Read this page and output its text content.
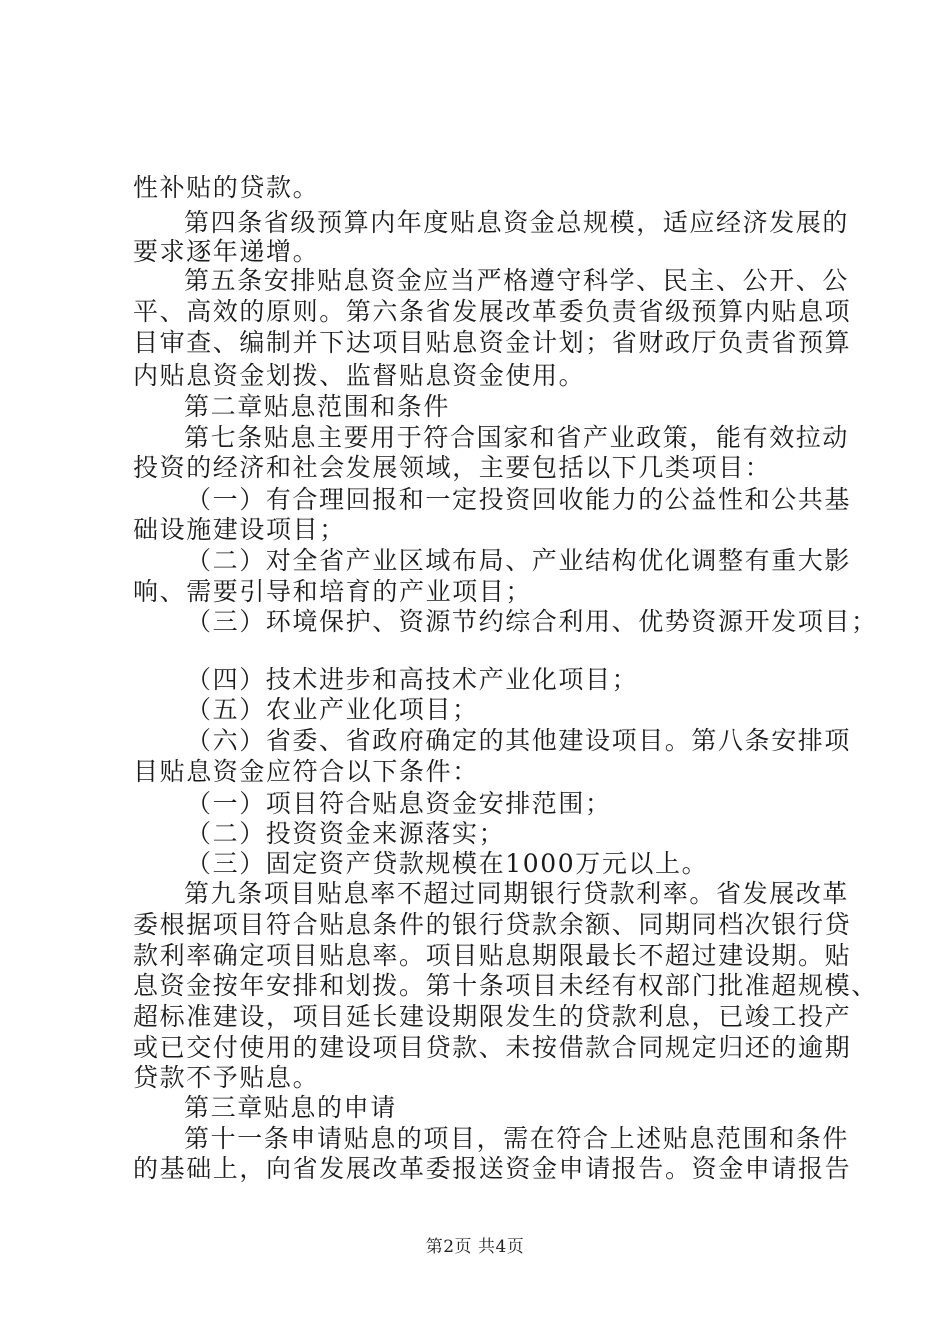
性补贴的贷款。
第四条省级预算内年度贴息资金总规模，适应经济发展的
要求逐年递增。
第五条安排贴息资金应当严格遵守科学、民主、公开、公
平、高效的原则。第六条省发展改革委负责省级预算内贴息项
目审查、编制并下达项目贴息资金计划；省财政厅负责省预算
内贴息资金划拨、监督贴息资金使用。
第二章贴息范围和条件
第七条贴息主要用于符合国家和省产业政策，能有效拉动
投资的经济和社会发展领域，主要包括以下几类项目：
（一）有合理回报和一定投资回收能力的公益性和公共基
础设施建设项目；
（二）对全省产业区域布局、产业结构优化调整有重大影
响、需要引导和培育的产业项目；
（三）环境保护、资源节约综合利用、优势资源开发项目；
（四）技术进步和高技术产业化项目；
（五）农业产业化项目；
（六）省委、省政府确定的其他建设项目。第八条安排项
目贴息资金应符合以下条件：
（一）项目符合贴息资金安排范围；
（二）投资资金来源落实；
（三）固定资产贷款规模在1000万元以上。
第九条项目贴息率不超过同期银行贷款利率。省发展改革
委根据项目符合贴息条件的银行贷款余额、同期同档次银行贷
款利率确定项目贴息率。项目贴息期限最长不超过建设期。贴
息资金按年安排和划拨。第十条项目未经有权部门批准超规模、
超标准建设，项目延长建设期限发生的贷款利息，已竣工投产
或已交付使用的建设项目贷款、未按借款合同规定归还的逾期
贷款不予贴息。
第三章贴息的申请
第十一条申请贴息的项目，需在符合上述贴息范围和条件
的基础上，向省发展改革委报送资金申请报告。资金申请报告
第2页 共4页
